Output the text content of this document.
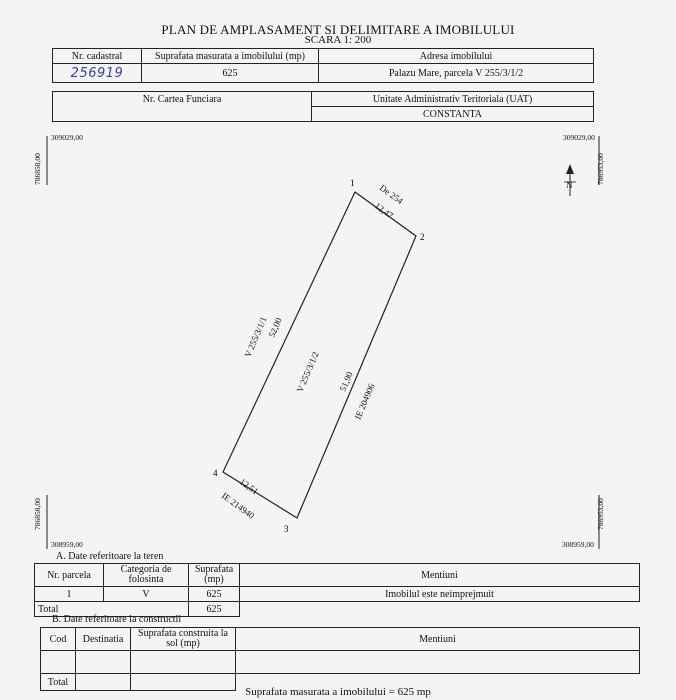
PLAN DE AMPLASAMENT SI DELIMITARE A IMOBILULUI
SCARA 1: 200
Nr. cadastral	Suprafata masurata a imobilului (mp)	Adresa imobilului
256919	625	Palazu Mare, parcela V 255/3/1/2
Nr. Cartea Funciara	Unitate Administrativ Teritoriala (UAT)
CONSTANTA
309029,00	309029,00
308959,00	308959,00
786858,00	786953,00
786858,00	786953,00
N
1
2
3
4
De 254
12,47
51,90
IE 204906
V 255/3/1/1
52,00
V 255/3/1/2
12,51
IE 214940
A. Date referitoare la teren
Nr. parcela	Categoria de folosinta	Suprafata (mp)	Mentiuni
1	V	625	Imobilul este neimprejmuit
Total		625	
B. Date referitoare la constructii
Cod	Destinatia	Suprafata construita la sol (mp)	Mentiuni

Total			
Suprafata masurata a imobilului = 625 mp
